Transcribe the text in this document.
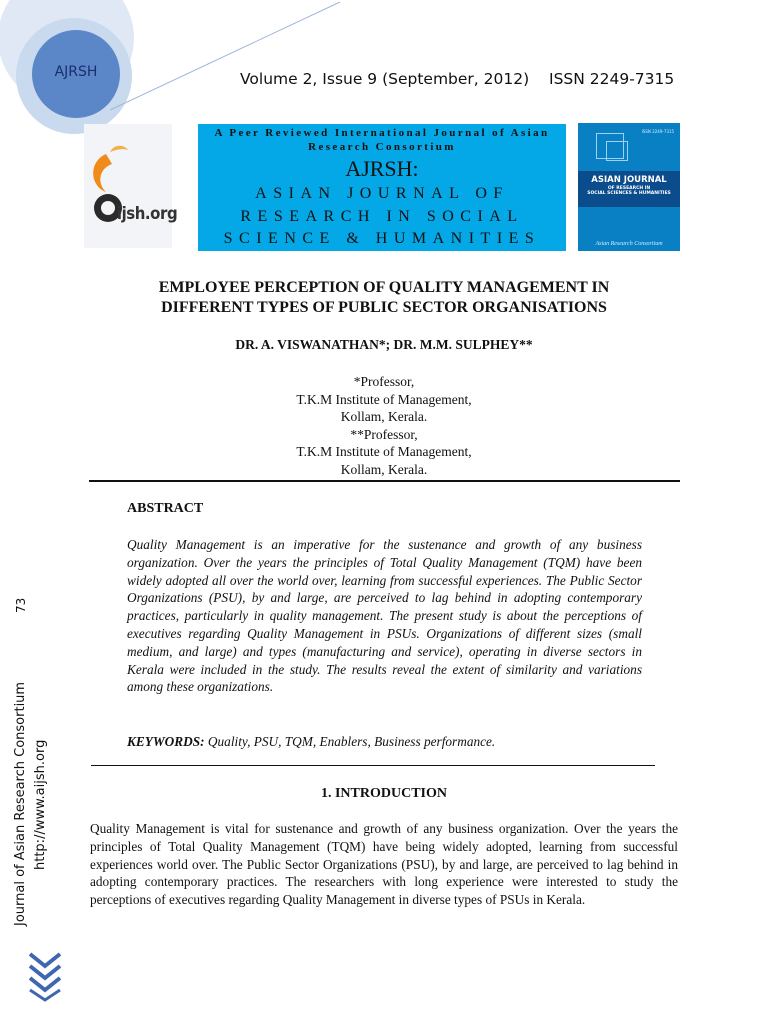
AJRSH	Volume 2, Issue 9 (September, 2012) ISSN 2249-7315
ijsh.org
A Peer Reviewed International Journal of Asian Research Consortium
AJRSH:
ASIAN JOURNAL OF
RESEARCH IN SOCIAL
SCIENCE & HUMANITIES
ISSN 2249-7315
ASIAN JOURNAL
OF RESEARCH IN
SOCIAL SCIENCES & HUMANITIES
Asian Research Consortium
EMPLOYEE PERCEPTION OF QUALITY MANAGEMENT IN
DIFFERENT TYPES OF PUBLIC SECTOR ORGANISATIONS
DR. A. VISWANATHAN*; DR. M.M. SULPHEY**
*Professor,
T.K.M Institute of Management,
Kollam, Kerala.
**Professor,
T.K.M Institute of Management,
Kollam, Kerala.
ABSTRACT
Quality Management is an imperative for the sustenance and growth of any business organization. Over the years the principles of Total Quality Management (TQM) have been widely adopted all over the world over, learning from successful experiences. The Public Sector Organizations (PSU), by and large, are perceived to lag behind in adopting contemporary practices, particularly in quality management. The present study is about the perceptions of executives regarding Quality Management in PSUs. Organizations of different sizes (small medium, and large) and types (manufacturing and service), operating in diverse sectors in Kerala were included in the study. The results reveal the extent of similarity and variations among these organizations.
KEYWORDS: Quality, PSU, TQM, Enablers, Business performance.
1. INTRODUCTION
Quality Management is vital for sustenance and growth of any business organization. Over the years the principles of Total Quality Management (TQM) have being widely adopted, learning from successful experiences world over. The Public Sector Organizations (PSU), by and large, are perceived to lag behind in adopting contemporary practices. The researchers with long experience were interested to study the perceptions of executives regarding Quality Management in diverse types of PSUs in Kerala.
73
Journal of Asian Research Consortium http://www.aijsh.org
